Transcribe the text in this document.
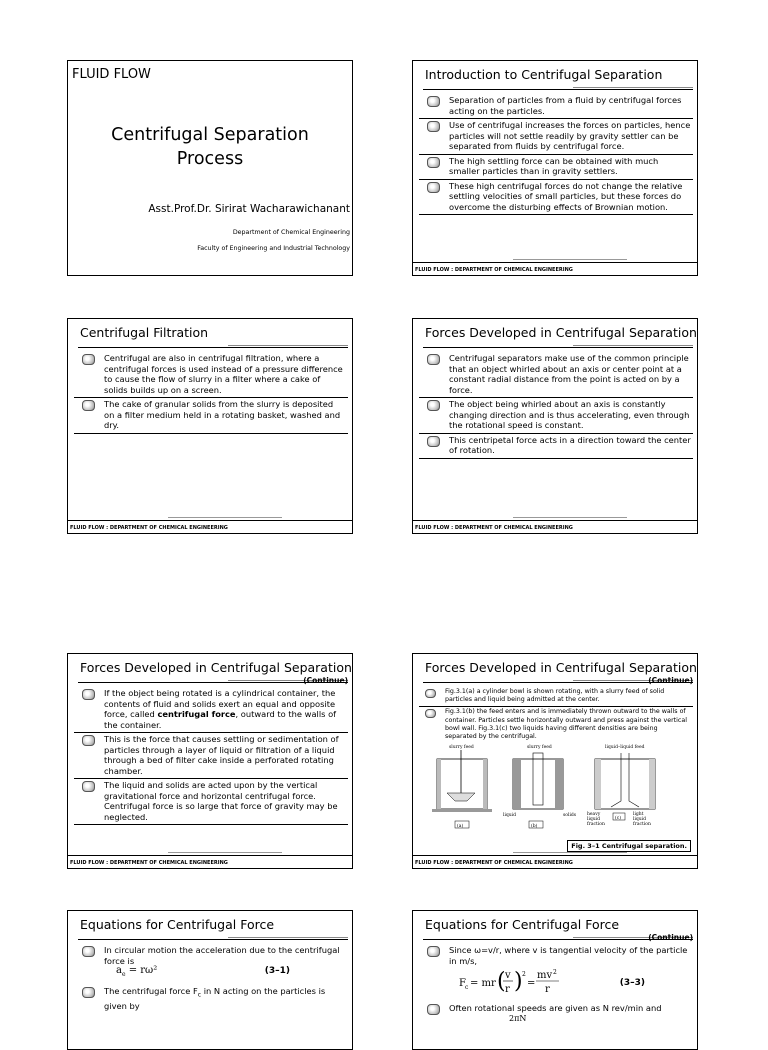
FLUID FLOW
Centrifugal Separation
Process
Asst.Prof.Dr. Sirirat Wacharawichanant
Department of Chemical Engineering
Faculty of Engineering and Industrial Technology
Introduction to Centrifugal Separation
Separation of particles from a fluid by centrifugal forces acting on the particles.
Use of centrifugal increases the forces on particles, hence particles will not settle readily by gravity settler can be separated from fluids by centrifugal force.
The high settling force can be obtained with much smaller particles than in gravity settlers.
These high centrifugal forces do not change the relative settling velocities of small particles, but these forces do overcome the disturbing effects of Brownian motion.
FLUID FLOW : DEPARTMENT OF CHEMICAL ENGINEERING
Centrifugal Filtration
Centrifugal are also in centrifugal filtration, where a centrifugal forces is used instead of a pressure difference to cause the flow of slurry in a filter where a cake of solids builds up on a screen.
The cake of granular solids from the slurry is deposited on a filter medium held in a rotating basket, washed and dry.
FLUID FLOW : DEPARTMENT OF CHEMICAL ENGINEERING
Forces Developed in Centrifugal Separation
Centrifugal separators make use of the common principle that an object whirled about an axis or center point at a constant radial distance from the point is acted on by a force.
The object being whirled about an axis is constantly changing direction and is thus accelerating, even through the rotational speed is constant.
This centripetal force acts in a direction toward the center of rotation.
FLUID FLOW : DEPARTMENT OF CHEMICAL ENGINEERING
Forces Developed in Centrifugal Separation
(Continue)
If the object being rotated is a cylindrical container, the contents of fluid and solids exert an equal and opposite force, called centrifugal force, outward to the walls of the container.
This is the force that causes settling or sedimentation of particles through a layer of liquid or filtration of a liquid through a bed of filter cake inside a perforated rotating chamber.
The liquid and solids are acted upon by the vertical gravitational force and horizontal centrifugal force. Centrifugal force is so large that force of gravity may be neglected.
FLUID FLOW : DEPARTMENT OF CHEMICAL ENGINEERING
Forces Developed in Centrifugal Separation
(Continue)
Fig.3.1(a) a cylinder bowl is shown rotating, with a slurry feed of solid particles and liquid being admitted at the center.
Fig.3.1(b) the feed enters and is immediately thrown outward to the walls of container. Particles settle horizontally outward and press against the vertical bowl wall. Fig.3.1(c) two liquids having different densities are being separated by the centrifugal.
slurry feed
(a)
slurry feed
liquid	solids
(b)
liquid–liquid feed
heavy
liquid
fraction
(c)
light
liquid
fraction
Fig. 3–1 Centrifugal separation.
FLUID FLOW : DEPARTMENT OF CHEMICAL ENGINEERING
Equations for Centrifugal Force
In circular motion the acceleration due to the centrifugal force is
$a_e = r\omega^2$	(3–1)
The centrifugal force $F_c$ in N acting on the particles is given by
Equations for Centrifugal Force
(Continue)
Since ω=v/r, where v is tangential velocity of the particle in m/s,
F c = mr ( v
r ) 2
=
mv 2
r
(3–3)
Often rotational speeds are given as N rev/min and
2πN
